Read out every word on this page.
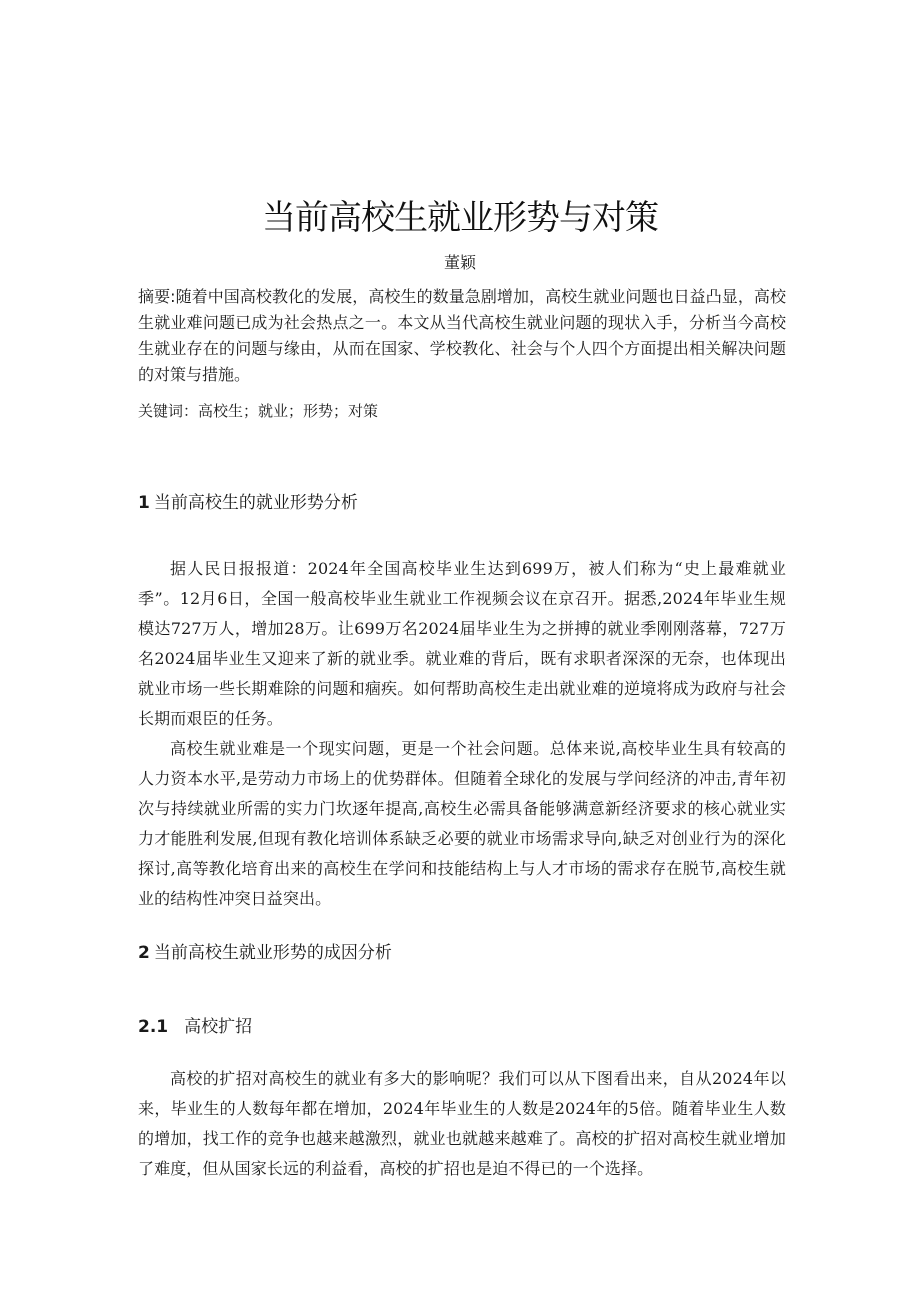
当前高校生就业形势与对策
董颖
摘要:随着中国高校教化的发展，高校生的数量急剧增加，高校生就业问题也日益凸显，高校生就业难问题已成为社会热点之一。本文从当代高校生就业问题的现状入手，分析当今高校生就业存在的问题与缘由，从而在国家、学校教化、社会与个人四个方面提出相关解决问题的对策与措施。
关键词：高校生；就业；形势；对策
1 当前高校生的就业形势分析
据人民日报报道：2024年全国高校毕业生达到699万，被人们称为“史上最难就业季”。12月6日，全国一般高校毕业生就业工作视频会议在京召开。据悉,2024年毕业生规模达727万人，增加28万。让699万名2024届毕业生为之拼搏的就业季刚刚落幕，727万名2024届毕业生又迎来了新的就业季。就业难的背后，既有求职者深深的无奈，也体现出就业市场一些长期难除的问题和痼疾。如何帮助高校生走出就业难的逆境将成为政府与社会长期而艰臣的任务。
高校生就业难是一个现实问题，更是一个社会问题。总体来说,高校毕业生具有较高的人力资本水平,是劳动力市场上的优势群体。但随着全球化的发展与学问经济的冲击,青年初次与持续就业所需的实力门坎逐年提高,高校生必需具备能够满意新经济要求的核心就业实力才能胜利发展,但现有教化培训体系缺乏必要的就业市场需求导向,缺乏对创业行为的深化探讨,高等教化培育出来的高校生在学问和技能结构上与人才市场的需求存在脱节,高校生就业的结构性冲突日益突出。
2 当前高校生就业形势的成因分析
2.1 高校扩招
高校的扩招对高校生的就业有多大的影响呢？我们可以从下图看出来，自从2024年以来，毕业生的人数每年都在增加，2024年毕业生的人数是2024年的5倍。随着毕业生人数的增加，找工作的竞争也越来越激烈，就业也就越来越难了。高校的扩招对高校生就业增加了难度，但从国家长远的利益看，高校的扩招也是迫不得已的一个选择。
